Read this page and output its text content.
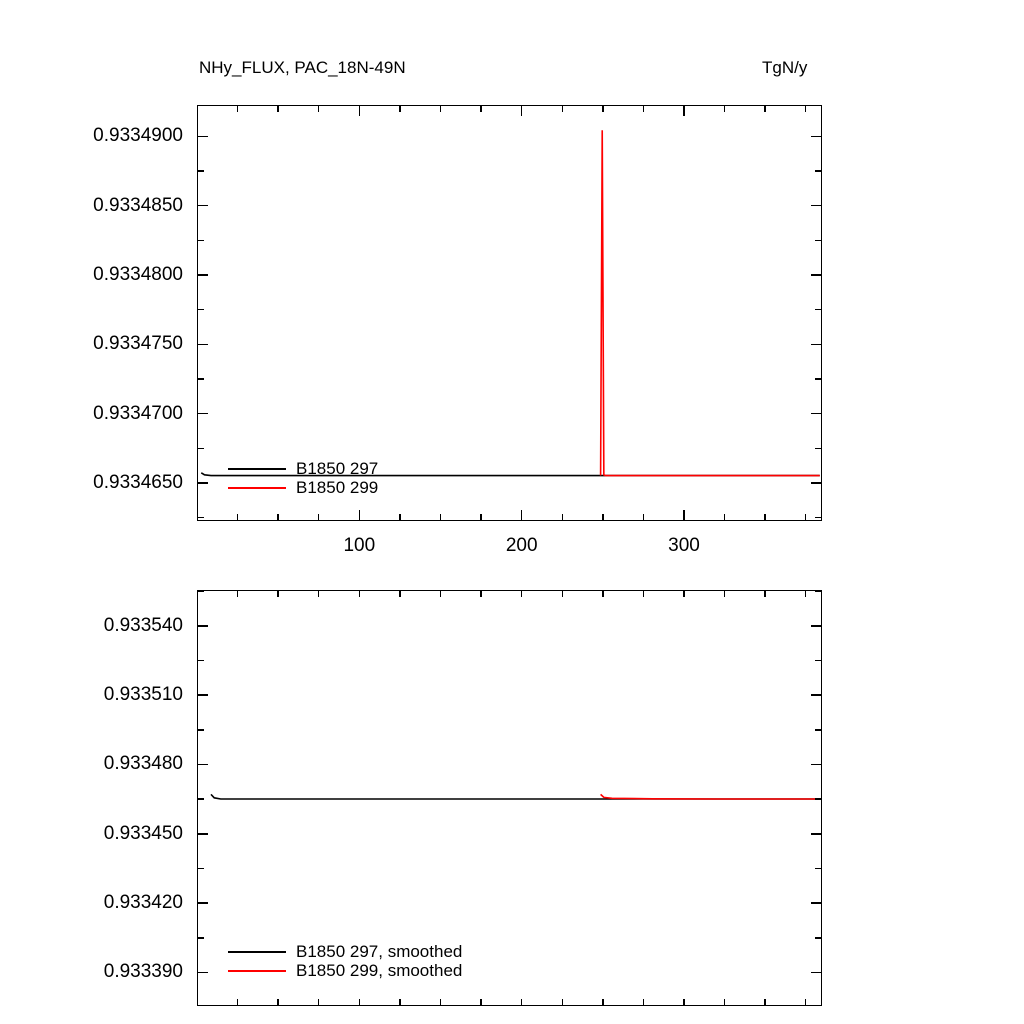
NHy_FLUX, PAC_18N-49N	TgN/y
B1850 297
B1850 299
B1850 297, smoothed
B1850 299, smoothed
0.9334650
0.9334700
0.9334750
0.9334800
0.9334850
0.9334900
100	200	300
0.933390
0.933420
0.933450
0.933480
0.933510
0.933540
